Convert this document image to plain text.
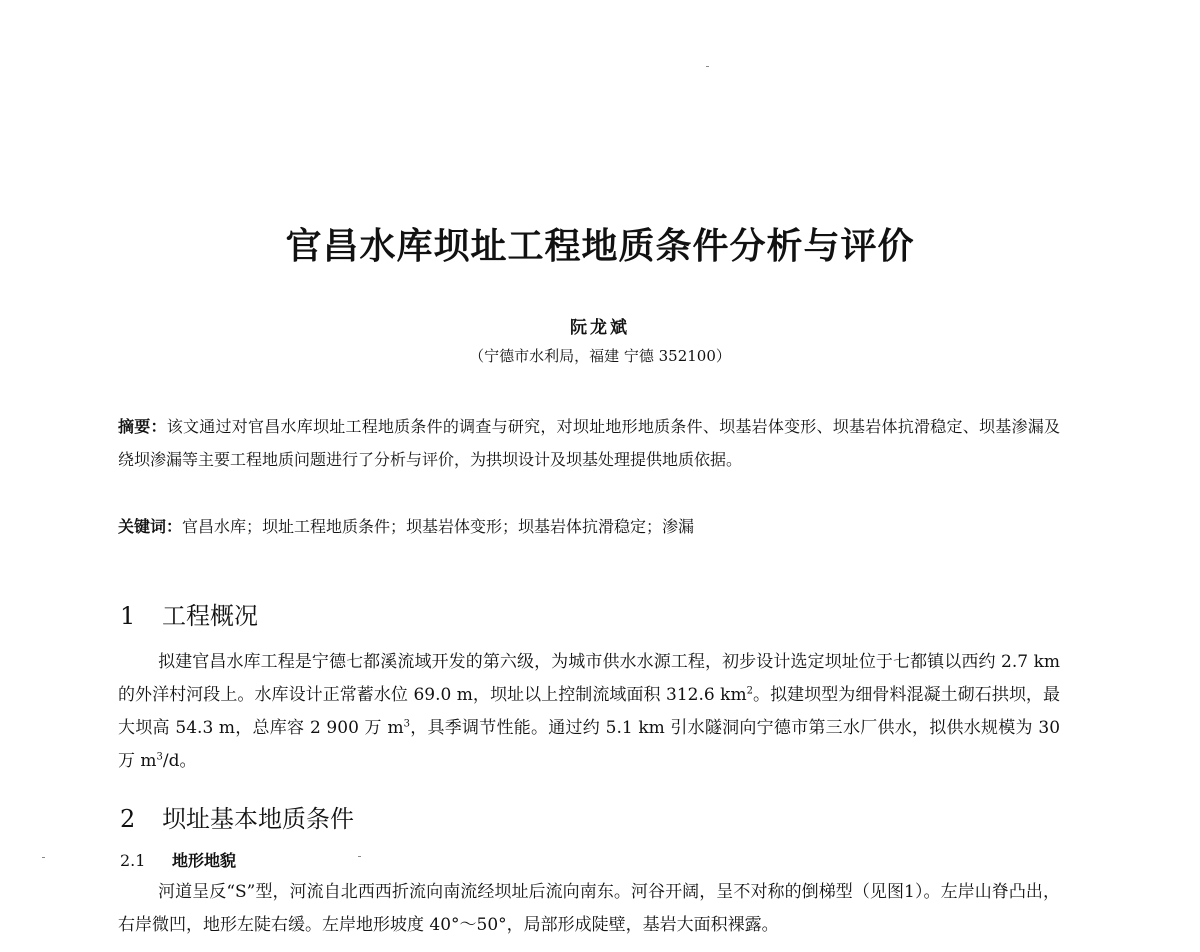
官昌水库坝址工程地质条件分析与评价
阮龙斌
（宁德市水利局，福建 宁德 352100）
摘要：该文通过对官昌水库坝址工程地质条件的调查与研究，对坝址地形地质条件、坝基岩体变形、坝基岩体抗滑稳定、坝基渗漏及绕坝渗漏等主要工程地质问题进行了分析与评价，为拱坝设计及坝基处理提供地质依据。
关键词：官昌水库；坝址工程地质条件；坝基岩体变形；坝基岩体抗滑稳定；渗漏
1 工程概况
拟建官昌水库工程是宁德七都溪流域开发的第六级，为城市供水水源工程，初步设计选定坝址位于七都镇以西约 2.7 km 的外洋村河段上。水库设计正常蓄水位 69.0 m，坝址以上控制流域面积 312.6 $km^2$。拟建坝型为细骨料混凝土砌石拱坝，最大坝高 54.3 m，总库容 2 900 万 $m^3$，具季调节性能。通过约 5.1 km 引水隧洞向宁德市第三水厂供水，拟供水规模为 30 万 $m^3/d$。
2 坝址基本地质条件
2.1 地形地貌
河道呈反“S”型，河流自北西西折流向南流经坝址后流向南东。河谷开阔，呈不对称的倒梯型（见图1）。左岸山脊凸出，右岸微凹，地形左陡右缓。左岸地形坡度 40°～50°，局部形成陡壁，基岩大面积裸露。
